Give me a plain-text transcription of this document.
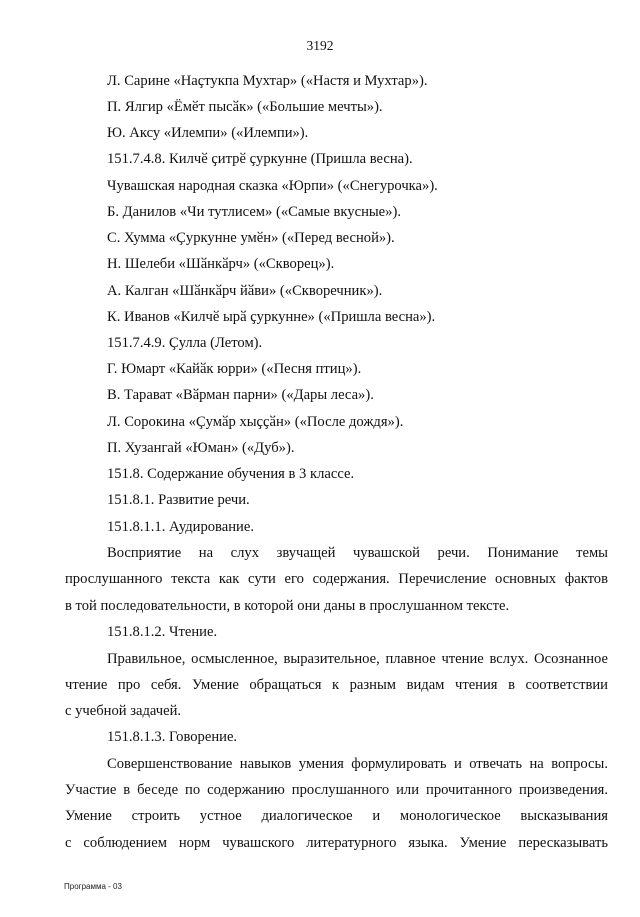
3192
Л. Сарине «Наҫтукпа Мухтар» («Настя и Мухтар»).
П. Ялгир «Ёмӗт пысӑк» («Большие мечты»).
Ю. Аксу «Илемпи» («Илемпи»).
151.7.4.8. Килчӗ ҫитрӗ ҫуркунне (Пришла весна).
Чувашская народная сказка «Юрпи» («Снегурочка»).
Б. Данилов «Чи тутлисем» («Самые вкусные»).
С. Хумма «Ҫуркунне умӗн» («Перед весной»).
Н. Шелеби «Шӑнкӑрч» («Скворец»).
А. Калган «Шӑнкӑрч йӑви» («Скворечник»).
К. Иванов «Килчӗ ырӑ ҫуркунне» («Пришла весна»).
151.7.4.9. Ҫулла (Летом).
Г. Юмарт «Кайӑк юрри» («Песня птиц»).
В. Тарават «Вӑрман парни» («Дары леса»).
Л. Сорокина «Ҫумӑр хыҫҫӑн» («После дождя»).
П. Хузангай «Юман» («Дуб»).
151.8. Содержание обучения в 3 классе.
151.8.1. Развитие речи.
151.8.1.1. Аудирование.
Восприятие на слух звучащей чувашской речи. Понимание темы
прослушанного текста как сути его содержания. Перечисление основных фактов
в той последовательности, в которой они даны в прослушанном тексте.
151.8.1.2. Чтение.
Правильное, осмысленное, выразительное, плавное чтение вслух. Осознанное
чтение про себя. Умение обращаться к разным видам чтения в соответствии
с учебной задачей.
151.8.1.3. Говорение.
Совершенствование навыков умения формулировать и отвечать на вопросы.
Участие в беседе по содержанию прослушанного или прочитанного произведения.
Умение строить устное диалогическое и монологическое высказывания
с соблюдением норм чувашского литературного языка. Умение пересказывать
Программа - 03
